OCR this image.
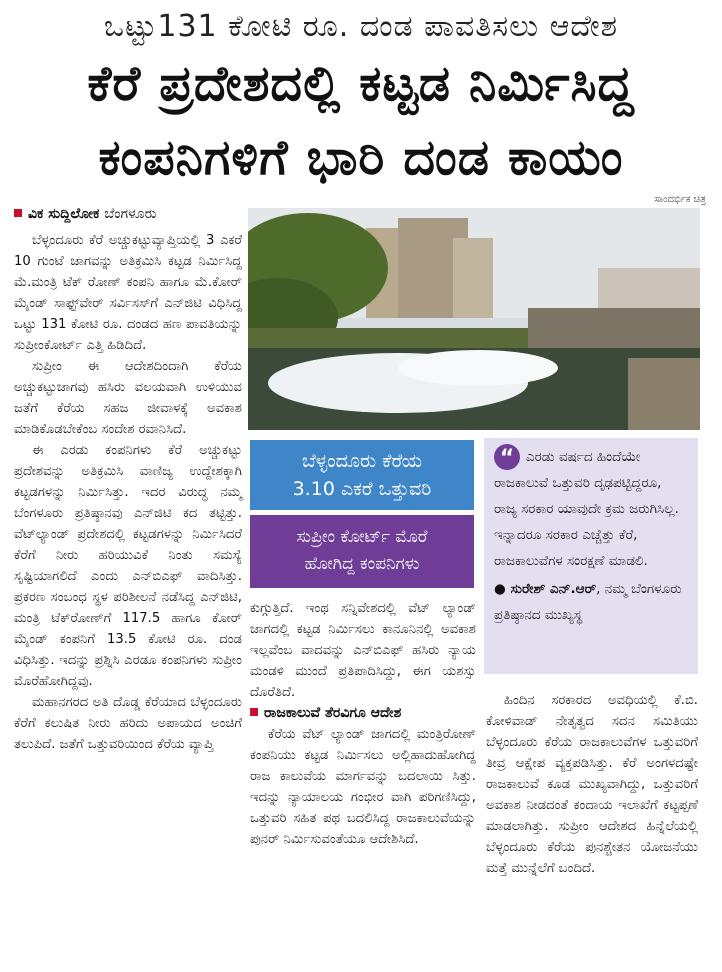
ಒಟ್ಟು131 ಕೋಟಿ ರೂ. ದಂಡ ಪಾವತಿಸಲು ಆದೇಶ
ಕೆರೆ ಪ್ರದೇಶದಲ್ಲಿ ಕಟ್ಟಡ ನಿರ್ಮಿಸಿದ್ದ
ಕಂಪನಿಗಳಿಗೆ ಭಾರಿ ದಂಡ ಕಾಯಂ
ಸಾಂದರ್ಭಿಕ ಚಿತ್ರ
ವಿಕ ಸುದ್ದಿಲೋಕ ಬೆಂಗಳೂರು

ಬೆಳ್ಳಂದೂರು ಕೆರೆ ಅಚ್ಚುಕಟ್ಟುವ್ಯಾಪ್ತಿಯಲ್ಲಿ 3 ಎಕರೆ 10 ಗುಂಟೆ ಜಾಗವನ್ನು ಅತಿಕ್ರಮಿಸಿ ಕಟ್ಟಡ ನಿರ್ಮಿಸಿದ್ದ ಮೆ.ಮಂತ್ರಿ ಟೆಕ್ ರೋಣ್ ಕಂಪನಿ ಹಾಗೂ ಮೆ.ಕೋರ್ ಮೈಂಡ್ ಸಾಫ್ಟ್‌ವೇರ್ ಸರ್ವಿಸಸ್‌ಗೆ ಎನ್‌ಜಿಟಿ ವಿಧಿಸಿದ್ದ ಒಟ್ಟು 131 ಕೋಟಿ ರೂ. ದಂಡದ ಹಣ ಪಾವತಿಯನ್ನು ಸುಪ್ರೀಂಕೋರ್ಟ್ ಎತ್ತಿ ಹಿಡಿದಿದೆ.

ಸುಪ್ರೀಂ ಈ ಆದೇಶದಿಂದಾಗಿ ಕೆರೆಯ ಅಚ್ಚುಕಟ್ಟುಜಾಗವು ಹಸಿರು ವಲಯವಾಗಿ ಉಳಿಯುವ ಜತೆಗೆ ಕೆರೆಯ ಸಹಜ ಜೀವಾಳಕ್ಕೆ ಅವಕಾಶ ಮಾಡಿಕೊಡಬೇಕೆಂಬ ಸಂದೇಶ ರವಾನಿಸಿದೆ.

ಈ ಎರಡು ಕಂಪನಿಗಳು ಕೆರೆ ಅಚ್ಚುಕಟ್ಟು ಪ್ರದೇಶವನ್ನು ಅತಿಕ್ರಮಿಸಿ ವಾಣಿಜ್ಯ ಉದ್ದೇಶಕ್ಕಾಗಿ ಕಟ್ಟಡಗಳನ್ನು ನಿರ್ಮಿಸಿತ್ತು. ಇದರ ವಿರುದ್ಧ ನಮ್ಮ ಬೆಂಗಳೂರು ಪ್ರತಿಷ್ಠಾನವು ಎನ್‌ಜಿಟಿ ಕದ ತಟ್ಟಿತ್ತು. ವೆಟ್‌ಲ್ಯಾಂಡ್ ಪ್ರದೇಶದಲ್ಲಿ ಕಟ್ಟಡಗಳನ್ನು ನಿರ್ಮಿಸಿದರೆ ಕೆರೆಗೆ ನೀರು ಹರಿಯುವಿಕೆ ನಿಂತು ಸಮಸ್ಯೆ ಸೃಷ್ಟಿಯಾಗಲಿದೆ ಎಂದು ಎನ್‌ಬಿಎಫ್ ವಾದಿಸಿತ್ತು. ಪ್ರಕರಣ ಸಂಬಂಧ ಸ್ಥಳ ಪರಿಶೀಲನೆ ನಡೆಸಿದ್ದ ಎನ್‌ಜಿಟಿ, ಮಂತ್ರಿ ಟೆಕ್‌ರೋಣ್‌ಗೆ 117.5 ಹಾಗೂ ಕೋರ್ ಮೈಂಡ್ ಕಂಪನಿಗೆ 13.5 ಕೋಟಿ ರೂ. ದಂಡ ವಿಧಿಸಿತ್ತು. ಇದನ್ನು ಪ್ರಶ್ನಿಸಿ ಎರಡೂ ಕಂಪನಿಗಳು ಸುಪ್ರೀಂ ಮೊರೆಹೋಗಿದ್ದವು.

ಮಹಾನಗರದ ಅತಿ ದೊಡ್ಡ ಕೆರೆಯಾದ ಬೆಳ್ಳಂದೂರು ಕೆರೆಗೆ ಕಲುಷಿತ ನೀರು ಹರಿದು ಅಪಾಯದ ಅಂಚಿಗೆ ತಲುಪಿದೆ. ಜತೆಗೆ ಒತ್ತುವರಿಯಿಂದ ಕೆರೆಯ ವ್ಯಾಪ್ತಿ

ಬೆಳ್ಳಂದೂರು ಕೆರೆಯ
3.10 ಎಕರೆ ಒತ್ತುವರಿ
ಸುಪ್ರೀಂ ಕೋರ್ಟ್ ಮೊರೆ
ಹೋಗಿದ್ದ ಕಂಪನಿಗಳು
“ ಎರಡು ವರ್ಷದ ಹಿಂದೆಯೇ ರಾಜಕಾಲುವೆ ಒತ್ತುವರಿ ದೃಢಪಟ್ಟಿದ್ದರೂ, ರಾಜ್ಯ ಸರಕಾರ ಯಾವುದೇ ಕ್ರಮ ಜರುಗಿಸಿಲ್ಲ. ಇನ್ನಾದರೂ ಸರಕಾರ ಎಚ್ಚೆತ್ತು ಕೆರೆ, ರಾಜಕಾಲುವೆಗಳ ಸಂರಕ್ಷಣೆ ಮಾಡಲಿ.
● ಸುರೇಶ್ ಎನ್.ಆರ್, ನಮ್ಮ ಬೆಂಗಳೂರು ಪ್ರತಿಷ್ಠಾನದ ಮುಖ್ಯಸ್ಥ

ಕುಗ್ಗುತ್ತಿದೆ. ಇಂಥ ಸನ್ನಿವೇಶದಲ್ಲಿ ವೆಟ್ ಲ್ಯಾಂಡ್ ಜಾಗದಲ್ಲಿ ಕಟ್ಟಡ ನಿರ್ಮಿಸಲು ಕಾನೂನಿನಲ್ಲಿ ಅವಕಾಶ ಇಲ್ಲವೆಂಬ ವಾದವನ್ನು ಎನ್‌ಬಿಎಫ್ ಹಸಿರು ನ್ಯಾಯ ಮಂಡಳಿ ಮುಂದೆ ಪ್ರತಿಪಾದಿಸಿದ್ದು, ಈಗ ಯಶಸ್ಸು ದೊರೆತಿದೆ.

ರಾಜಕಾಲುವೆ ತೆರವಿಗೂ ಆದೇಶ

ಕೆರೆಯ ವೆಟ್ ಲ್ಯಾಂಡ್ ಜಾಗದಲ್ಲಿ ಮಂತ್ರಿರೋಣ್ ಕಂಪನಿಯು ಕಟ್ಟಡ ನಿರ್ಮಿಸಲು ಅಲ್ಲಿಹಾದುಹೋಗಿದ್ದ ರಾಜ ಕಾಲುವೆಯ ಮಾರ್ಗವನ್ನು ಬದಲಾಯಿ ಸಿತ್ತು. ಇದನ್ನು ನ್ಯಾಯಾಲಯ ಗಂಭೀರ ವಾಗಿ ಪರಿಗಣಿಸಿದ್ದು, ಒತ್ತುವರಿ ಸಹಿತ ಪಥ ಬದಲಿಸಿದ್ದ ರಾಜಕಾಲುವೆಯನ್ನು ಪುನರ್ ನಿರ್ಮಿಸುವಂತೆಯೂ ಆದೇಶಿಸಿದೆ.

ಹಿಂದಿನ ಸರಕಾರದ ಅವಧಿಯಲ್ಲಿ ಕೆ.ಬಿ. ಕೋಳಿವಾಡ್ ನೇತೃತ್ವದ ಸದನ ಸಮಿತಿಯು ಬೆಳ್ಳಂದೂರು ಕೆರೆಯ ರಾಜಕಾಲುವೆಗಳ ಒತ್ತುವರಿಗೆ ತೀವ್ರ ಆಕ್ಷೇಪ ವ್ಯಕ್ತಪಡಿಸಿತ್ತು. ಕೆರೆ ಅಂಗಳದಷ್ಟೇ ರಾಜಕಾಲುವೆ ಕೂಡ ಮುಖ್ಯವಾಗಿದ್ದು, ಒತ್ತುವರಿಗೆ ಅವಕಾಶ ನೀಡದಂತೆ ಕಂದಾಯ ಇಲಾಖೆಗೆ ಕಟ್ಟಪ್ಪಣೆ ಮಾಡಲಾಗಿತ್ತು. ಸುಪ್ರೀಂ ಆದೇಶದ ಹಿನ್ನೆಲೆಯಲ್ಲಿ ಬೆಳ್ಳಂದೂರು ಕೆರೆಯ ಪುನಶ್ಚೇತನ ಯೋಜನೆಯು ಮತ್ತೆ ಮುನ್ನೆಲೆಗೆ ಬಂದಿದೆ.
